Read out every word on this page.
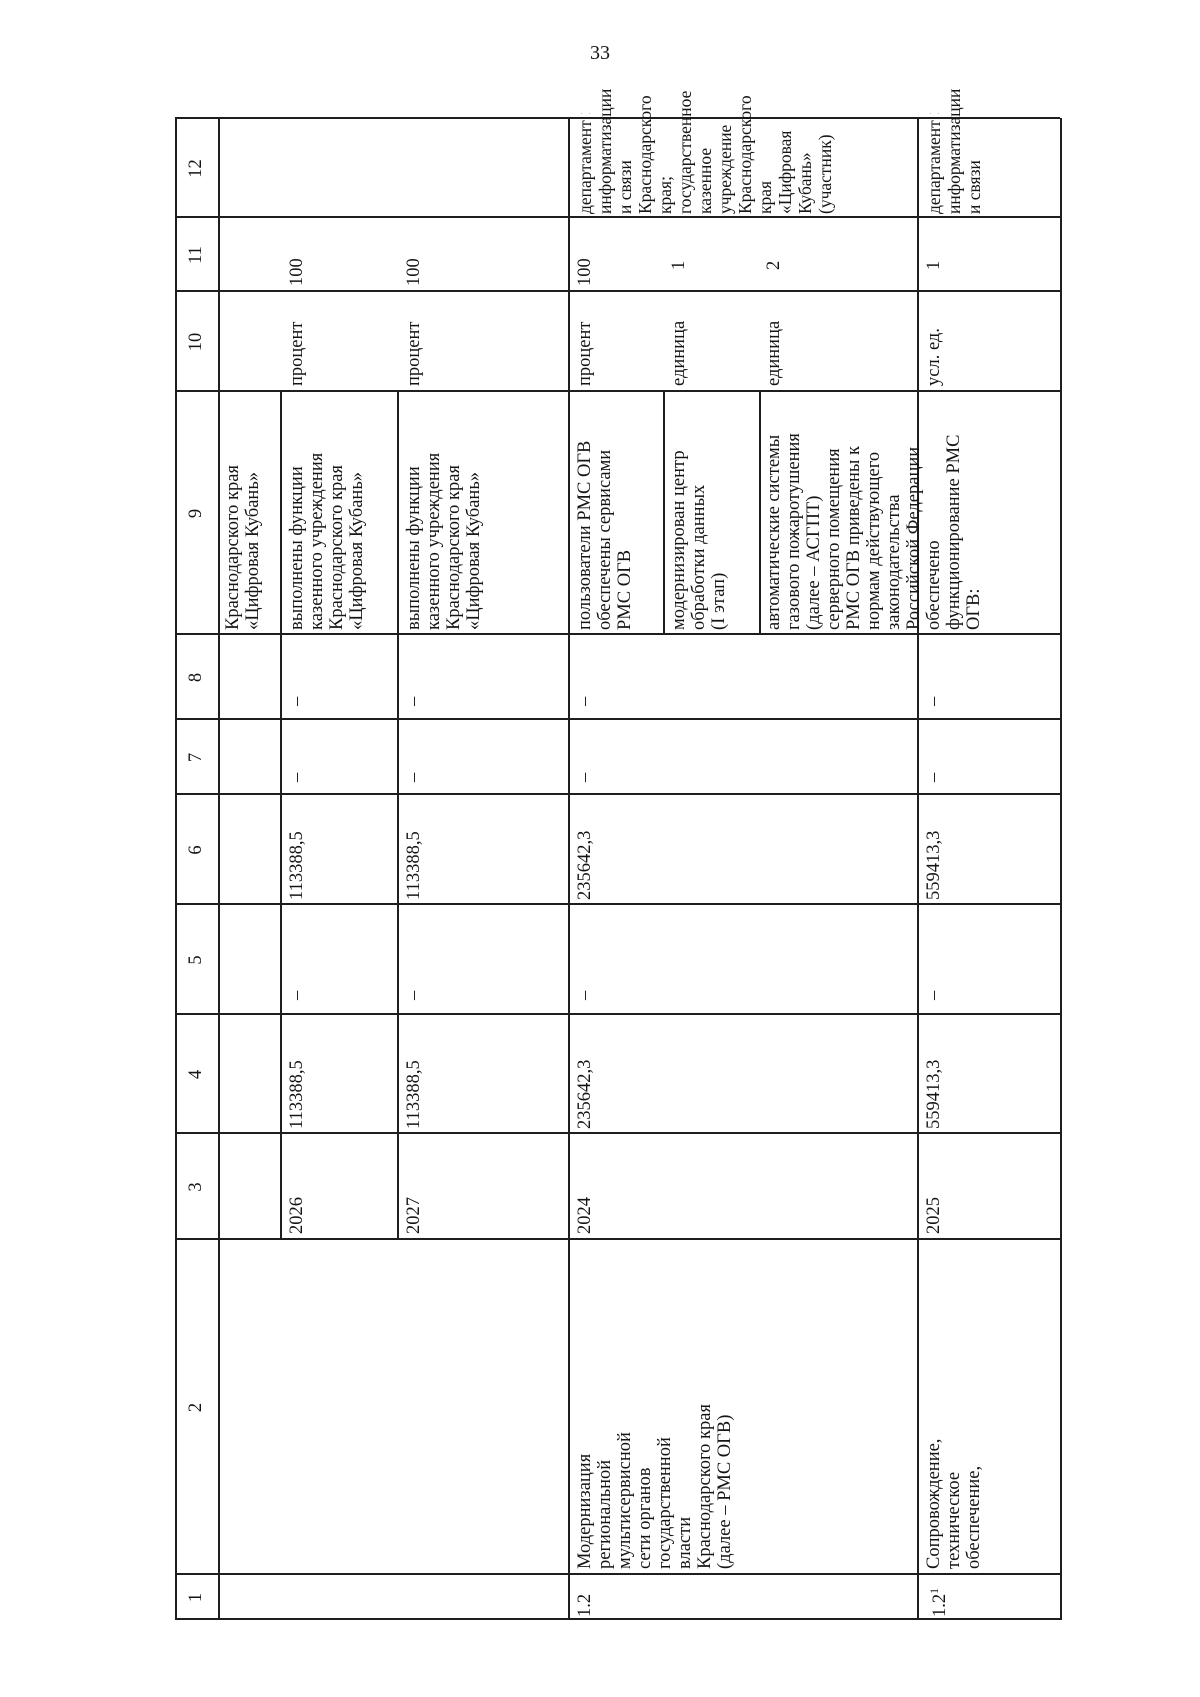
33
1
2
3
4
5
6
7
8
9
10
11
12
Краснодарского края
«Цифровая Кубань»
2026
113388,5
–
113388,5
–
–
выполнены функции
казенного учреждения
Краснодарского края
«Цифровая Кубань»
процент
100
2027
113388,5
–
113388,5
–
–
выполнены функции
казенного учреждения
Краснодарского края
«Цифровая Кубань»
процент
100
1.2
Модернизация
региональной
мультисервисной
сети органов
государственной
власти
Краснодарского края
(далее – РМС ОГВ)
2024
235642,3
–
235642,3
–
–
пользователи РМС ОГВ
обеспечены сервисами
РМС ОГВ
процент
100
модернизирован центр
обработки данных
(I этап)
единица
1
автоматические системы
газового пожаротушения
(далее – АСГПТ)
серверного помещения
РМС ОГВ приведены к
нормам действующего
законодательства
Российской Федерации
единица
2
департамент
информатизации
и связи
Краснодарского
края;
государственное
казенное
учреждение
Краснодарского
края «Цифровая
Кубань»
(участник)
$1.2^1$
Сопровождение,
техническое
обеспечение,
2025
559413,3
–
559413,3
–
–
обеспечено
функционирование РМС
ОГВ:
усл. ед.
1
департамент
информатизации
и связи
